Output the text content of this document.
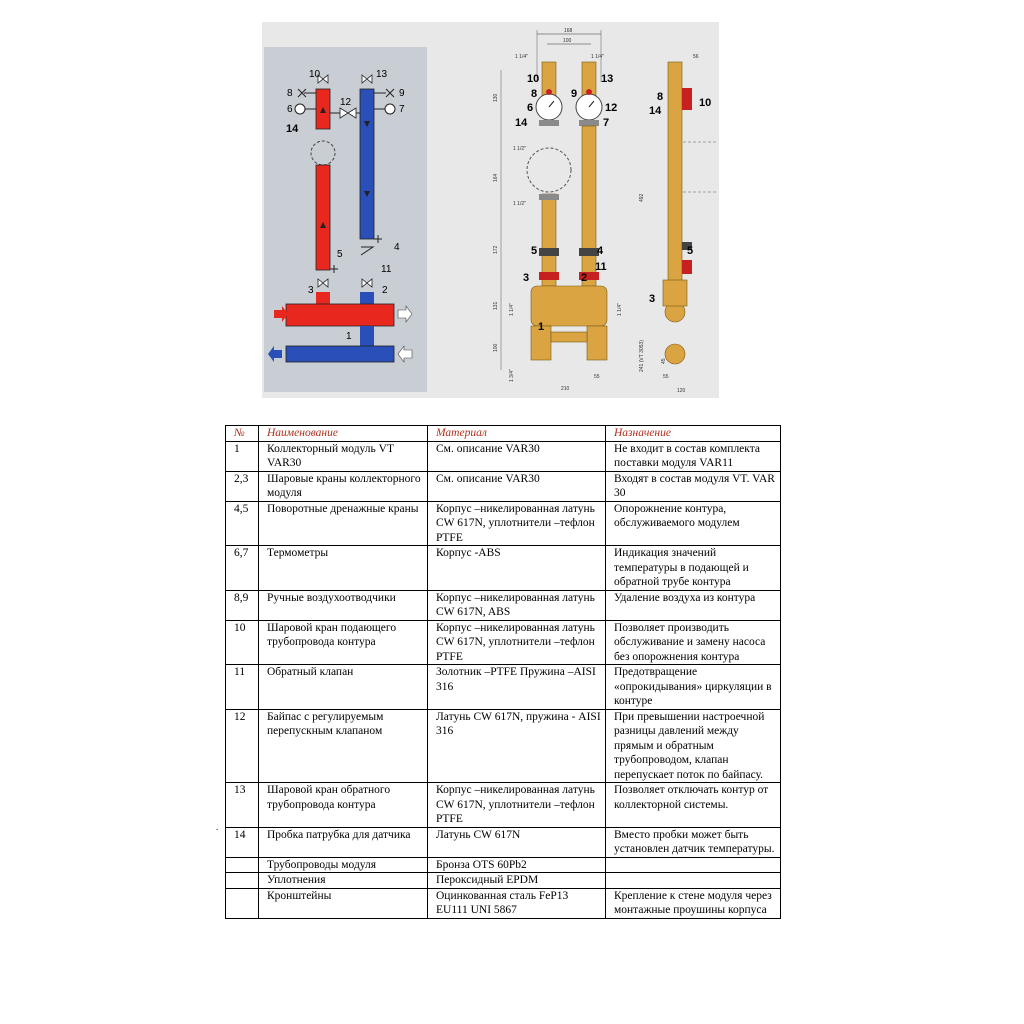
10	13
8
12
9
6	7
14
5
4
11
3	2
1
168
100
1 1/4"	1 1/4"
130
1 1/2"
164
1 1/2"
172
131 1 1/4"	1 1/4"
100
1 3/4"	55
210
10	13
8	9
12
6
14	7
5	4
3	2
11
1
56
492
241 (VT 3053)	45
55
120
10
8
14
5
3
.
№	Наименование	Материал	Назначение
1	Коллекторный модуль VT VAR30	См. описание VAR30	Не входит в состав комплекта поставки модуля VAR11
2,3	Шаровые краны коллекторного модуля	См. описание VAR30	Входят в состав модуля VT. VAR 30
4,5	Поворотные дренажные краны	Корпус –никелированная латунь CW 617N, уплотнители –тефлон PTFE	Опорожнение контура, обслуживаемого модулем
6,7	Термометры	Корпус -ABS	Индикация значений температуры в подающей и обратной трубе контура
8,9	Ручные воздухоотводчики	Корпус –никелированная латунь CW 617N, ABS	Удаление воздуха из контура
10	Шаровой кран подающего трубопровода контура	Корпус –никелированная латунь CW 617N, уплотнители –тефлон PTFE	Позволяет производить обслуживание и замену насоса без опорожнения контура
11	Обратный клапан	Золотник –PTFE Пружина –AISI 316	Предотвращение «опрокидывания» циркуляции в контуре
12	Байпас с регулируемым перепускным клапаном	Латунь CW 617N, пружина - AISI 316	При превышении настроечной разницы давлений между прямым и обратным трубопроводом, клапан перепускает поток по байпасу.
13	Шаровой кран обратного трубопровода контура	Корпус –никелированная латунь CW 617N, уплотнители –тефлон PTFE	Позволяет отключать контур от коллекторной системы.
14	Пробка патрубка для датчика	Латунь CW 617N	Вместо пробки может быть установлен датчик температуры.
	Трубопроводы модуля	Бронза OTS 60Pb2	
	Уплотнения	Пероксидный EPDM	
	Кронштейны	Оцинкованная сталь FeP13 EU111 UNI 5867	Крепление к стене модуля через монтажные проушины корпуса
